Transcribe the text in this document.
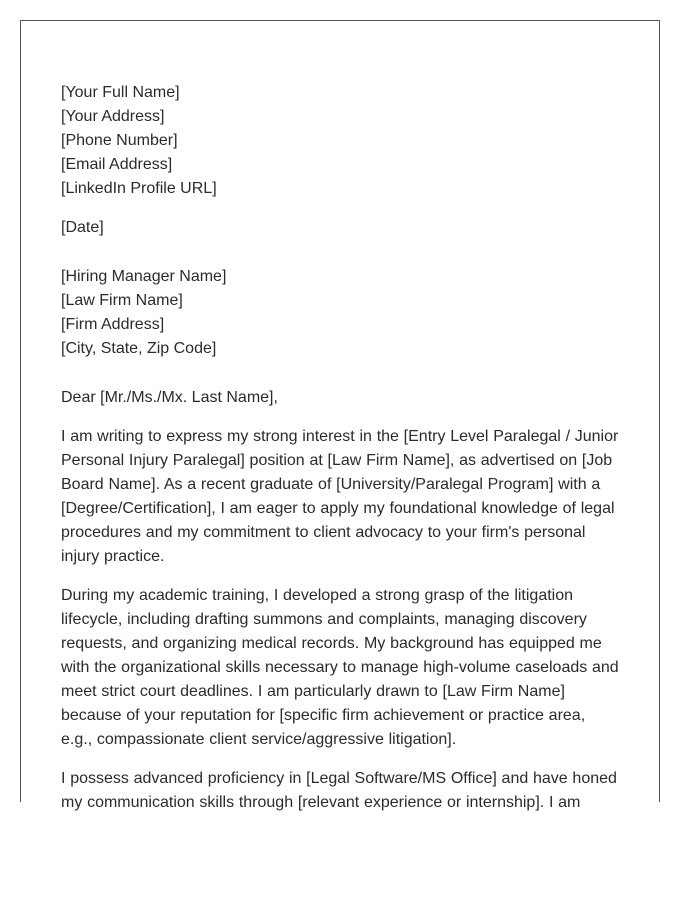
[Your Full Name]
[Your Address]
[Phone Number]
[Email Address]
[LinkedIn Profile URL]
[Date]
[Hiring Manager Name]
[Law Firm Name]
[Firm Address]
[City, State, Zip Code]
Dear [Mr./Ms./Mx. Last Name],

I am writing to express my strong interest in the [Entry Level Paralegal / Junior Personal Injury Paralegal] position at [Law Firm Name], as advertised on [Job Board Name]. As a recent graduate of [University/Paralegal Program] with a [Degree/Certification], I am eager to apply my foundational knowledge of legal procedures and my commitment to client advocacy to your firm's personal injury practice.

During my academic training, I developed a strong grasp of the litigation lifecycle, including drafting summons and complaints, managing discovery requests, and organizing medical records. My background has equipped me with the organizational skills necessary to manage high-volume caseloads and meet strict court deadlines. I am particularly drawn to [Law Firm Name] because of your reputation for [specific firm achievement or practice area, e.g., compassionate client service/aggressive litigation].

I possess advanced proficiency in [Legal Software/MS Office] and have honed my communication skills through [relevant experience or internship]. I am
